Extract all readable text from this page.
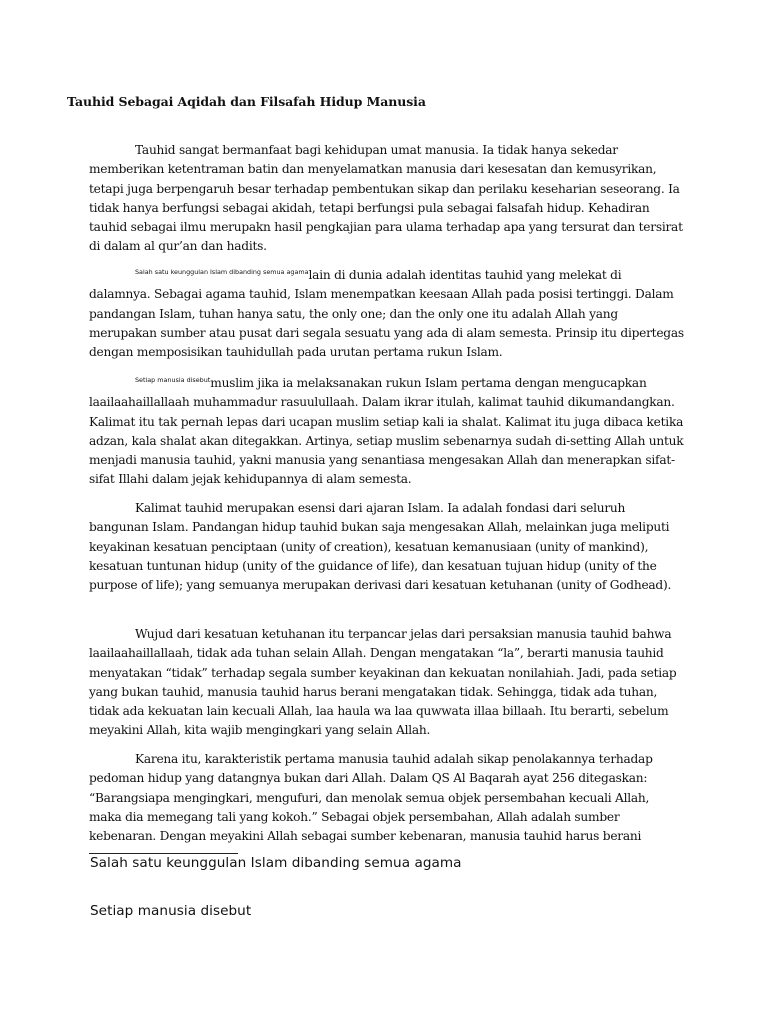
Tauhid Sebagai Aqidah dan Filsafah Hidup Manusia

Tauhid sangat bermanfaat bagi kehidupan umat manusia. Ia tidak hanya sekedar memberikan ketentraman batin dan menyelamatkan manusia dari kesesatan dan kemusyrikan, tetapi juga berpengaruh besar terhadap pembentukan sikap dan perilaku keseharian seseorang. Ia tidak hanya berfungsi sebagai akidah, tetapi berfungsi pula sebagai falsafah hidup. Kehadiran tauhid sebagai ilmu merupakn hasil pengkajian para ulama terhadap apa yang tersurat dan tersirat di dalam al qur’an dan hadits.

$^{Salah satu keunggulan Islam dibanding semua agama}$lain di dunia adalah identitas tauhid yang melekat di dalamnya. Sebagai agama tauhid, Islam menempatkan keesaan Allah pada posisi tertinggi. Dalam pandangan Islam, tuhan hanya satu, the only one; dan the only one itu adalah Allah yang merupakan sumber atau pusat dari segala sesuatu yang ada di alam semesta. Prinsip itu dipertegas dengan memposisikan tauhidullah pada urutan pertama rukun Islam.

$^{Setiap manusia disebut}$muslim jika ia melaksanakan rukun Islam pertama dengan mengucapkan laailaahaillallaah muhammadur rasuulullaah. Dalam ikrar itulah, kalimat tauhid dikumandangkan. Kalimat itu tak pernah lepas dari ucapan muslim setiap kali ia shalat. Kalimat itu juga dibaca ketika adzan, kala shalat akan ditegakkan. Artinya, setiap muslim sebenarnya sudah di-setting Allah untuk menjadi manusia tauhid, yakni manusia yang senantiasa mengesakan Allah dan menerapkan sifat-sifat Illahi dalam jejak kehidupannya di alam semesta.

Kalimat tauhid merupakan esensi dari ajaran Islam. Ia adalah fondasi dari seluruh bangunan Islam. Pandangan hidup tauhid bukan saja mengesakan Allah, melainkan juga meliputi keyakinan kesatuan penciptaan (unity of creation), kesatuan kemanusiaan (unity of mankind), kesatuan tuntunan hidup (unity of the guidance of life), dan kesatuan tujuan hidup (unity of the purpose of life); yang semuanya merupakan derivasi dari kesatuan ketuhanan (unity of Godhead).

Wujud dari kesatuan ketuhanan itu terpancar jelas dari persaksian manusia tauhid bahwa laailaahaillallaah, tidak ada tuhan selain Allah. Dengan mengatakan “la”, berarti manusia tauhid menyatakan “tidak” terhadap segala sumber keyakinan dan kekuatan nonilahiah. Jadi, pada setiap yang bukan tauhid, manusia tauhid harus berani mengatakan tidak. Sehingga, tidak ada tuhan, tidak ada kekuatan lain kecuali Allah, laa haula wa laa quwwata illaa billaah. Itu berarti, sebelum meyakini Allah, kita wajib mengingkari yang selain Allah.

Karena itu, karakteristik pertama manusia tauhid adalah sikap penolakannya terhadap pedoman hidup yang datangnya bukan dari Allah. Dalam QS Al Baqarah ayat 256 ditegaskan: “Barangsiapa mengingkari, mengufuri, dan menolak semua objek persembahan kecuali Allah, maka dia memegang tali yang kokoh.” Sebagai objek persembahan, Allah adalah sumber kebenaran. Dengan meyakini Allah sebagai sumber kebenaran, manusia tauhid harus berani

Salah satu keunggulan Islam dibanding semua agama

Setiap manusia disebut
